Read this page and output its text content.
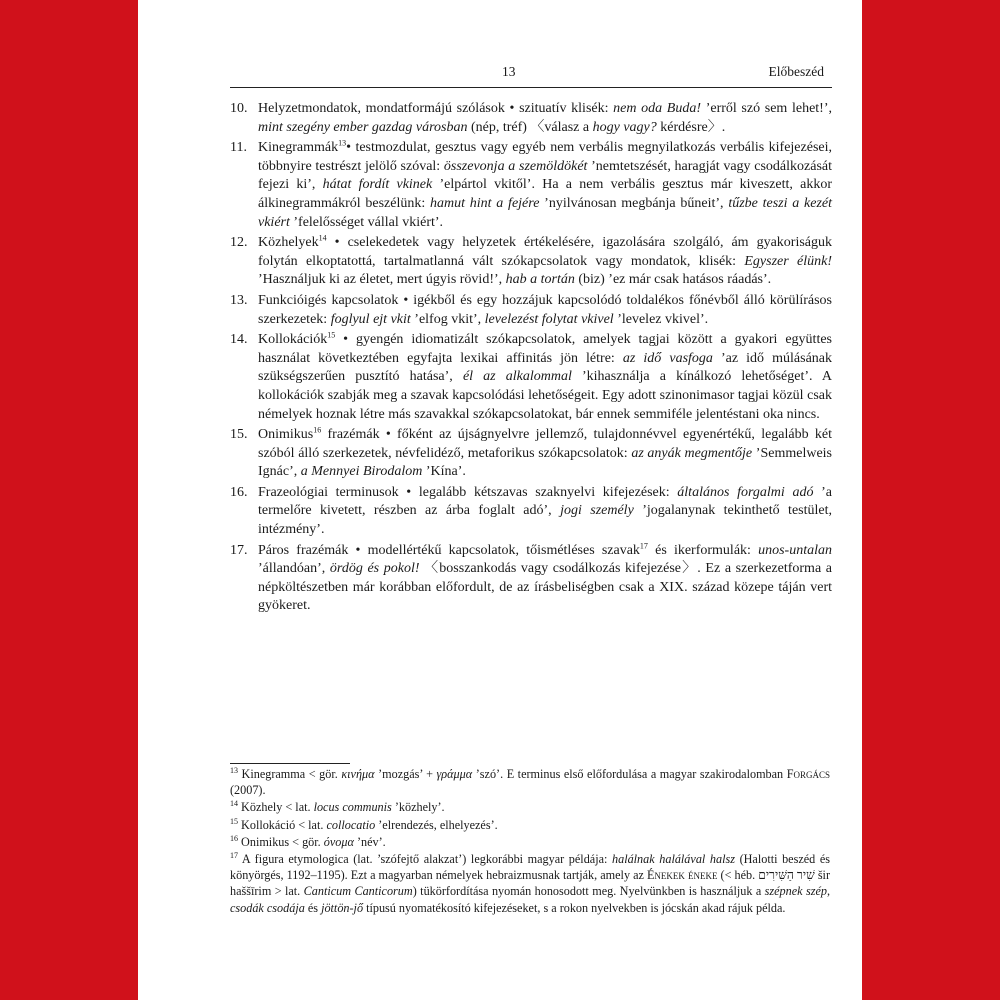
13	Előbeszéd
10. Helyzetmondatok, mondatformájú szólások • szituatív klisék: nem oda Buda! ’erről szó sem lehet!’, mint szegény ember gazdag városban (nép, tréf) 〈válasz a hogy vagy? kérdésre〉.
11. Kinegrammák$^{13}$• testmozdulat, gesztus vagy egyéb nem verbális megnyilatkozás verbális kifejezései, többnyire testrészt jelölő szóval: összevonja a szemöldökét ’nemtetszését, haragját vagy csodálkozását fejezi ki’, hátat fordít vkinek ’elpártol vkitől’. Ha a nem verbális gesztus már kiveszett, akkor álkinegrammákról beszélünk: hamut hint a fejére ’nyilvánosan megbánja bűneit’, tűzbe teszi a kezét vkiért ’felelősséget vállal vkiért’.
12. Közhelyek$^{14}$ • cselekedetek vagy helyzetek értékelésére, igazolására szolgáló, ám gyakoriságuk folytán elkoptatottá, tartalmatlanná vált szókapcsolatok vagy mondatok, klisék: Egyszer élünk! ’Használjuk ki az életet, mert úgyis rövid!’, hab a tortán (biz) ’ez már csak hatásos ráadás’.
13. Funkcióigés kapcsolatok • igékből és egy hozzájuk kapcsolódó toldalékos főnévből álló körülírásos szerkezetek: foglyul ejt vkit ’elfog vkit’, levelezést folytat vkivel ’levelez vkivel’.
14. Kollokációk$^{15}$ • gyengén idiomatizált szókapcsolatok, amelyek tagjai között a gyakori együttes használat következtében egyfajta lexikai affinitás jön létre: az idő vasfoga ’az idő múlásának szükségszerűen pusztító hatása’, él az alkalommal ’kihasználja a kínálkozó lehetőséget’. A kollokációk szabják meg a szavak kapcsolódási lehetőségeit. Egy adott szinonimasor tagjai közül csak némelyek hoznak létre más szavakkal szókapcsolatokat, bár ennek semmiféle jelentéstani oka nincs.
15. Onimikus$^{16}$ frazémák • főként az újságnyelvre jellemző, tulajdonnévvel egyenértékű, legalább két szóból álló szerkezetek, névfelidéző, metaforikus szókapcsolatok: az anyák megmentője ’Semmelweis Ignác’, a Mennyei Birodalom ’Kína’.
16. Frazeológiai terminusok • legalább kétszavas szaknyelvi kifejezések: általános forgalmi adó ’a termelőre kivetett, részben az árba foglalt adó’, jogi személy ’jogalanynak tekinthető testület, intézmény’.
17. Páros frazémák • modellértékű kapcsolatok, tőismétléses szavak$^{17}$ és ikerformulák: unos-untalan ’állandóan’, ördög és pokol! 〈bosszankodás vagy csodálkozás kifejezése〉. Ez a szerkezetforma a népköltészetben már korábban előfordult, de az írásbeliségben csak a XIX. század közepe táján vert gyökeret.
$^{13}$ Kinegramma < gör. κινήμα ’mozgás’ + γράμμα ’szó’. E terminus első előfordulása a magyar szakirodalomban Forgács (2007).
$^{14}$ Közhely < lat. locus communis ’közhely’.
$^{15}$ Kollokáció < lat. collocatio ’elrendezés, elhelyezés’.
$^{16}$ Onimikus < gör. όνομα ’név’.
$^{17}$ A figura etymologica (lat. ’szófejtő alakzat’) legkorábbi magyar példája: halálnak halálával halsz (Halotti beszéd és könyörgés, 1192–1195). Ezt a magyarban némelyek hebraizmusnak tartják, amely az Énekek éneke (< héb. שִׁיר הַשִּׁירִים šir haššīrim > lat. Canticum Canticorum) tükörfordítása nyomán honosodott meg. Nyelvünkben is használjuk a szépnek szép, csodák csodája és jöttön-jő típusú nyomatékosító kifejezéseket, s a rokon nyelvekben is jócskán akad rájuk példa.
